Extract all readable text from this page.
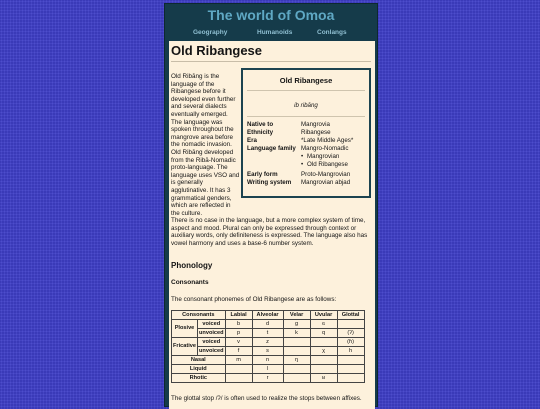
The world of Omoa
Geography	Humanoids	Conlangs
Old Ribangese

Old Ribāng is the language of the Ribangese before it developed even further and several dialects eventually emerged. The language was spoken throughout the mangrove area before the nomadic invasion. Old Ribāng developed from the Ribā-Nomadic proto-language. The language uses VSO and is generally agglutinative. It has 3 grammatical genders, which are reflected in the culture.

Old Ribangese
ib ribāng
Native to	Mangrovia
Ethnicity	Ribangese
Era	*Late Middle Ages*
Language family Mangro-Nomadic
• Mangrovian
• Old Ribangese
Early form	Proto-Mangrovian
Writing system Mangrovian abjad

There is no case in the language, but a more complex system of time, aspect and mood. Plural can only be expressed through context or auxiliary words, only definiteness is expressed. The language also has vowel harmony and uses a base-6 number system.

Phonology
Consonants

The consonant phonemes of Old Ribangese are as follows:

Consonants		Labial	Alveolar	Velar	Uvular	Glottal
Plosive	voiced	b	d	g	ɢ	
	unvoiced	p	t	k	q	(ʔ)
Fricative	voiced	v	z			(ɦ)
	unvoiced	f	s		χ	h
Nasal		m	n	ŋ		
Liquid			l			
Rhotic			r		ʁ	

The glottal stop /ʔ/ is often used to realize the stops between affixes.
